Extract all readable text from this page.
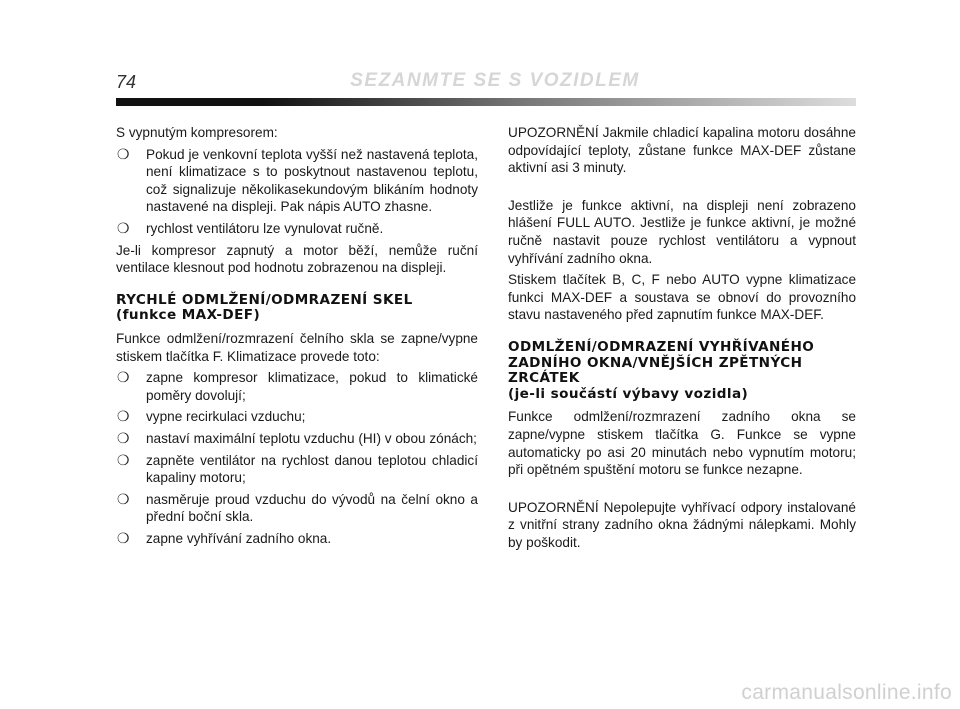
74	SEZANMTE SE S VOZIDLEM

S vypnutým kompresorem:

❍ Pokud je venkovní teplota vyšší než nastavená teplota, není klimatizace s to poskytnout nastavenou teplotu, což signalizuje několikasekundovým blikáním hodnoty nastavené na displeji. Pak nápis AUTO zhasne.
❍ rychlost ventilátoru lze vynulovat ručně.

Je-li kompresor zapnutý a motor běží, nemůže ruční ventilace klesnout pod hodnotu zobrazenou na displeji.

RYCHLÉ ODMLŽENÍ/ODMRAZENÍ SKEL
(funkce MAX-DEF)

Funkce odmlžení/rozmrazení čelního skla se zapne/vypne stiskem tlačítka F. Klimatizace provede toto:

❍ zapne kompresor klimatizace, pokud to klimatické poměry dovolují;
❍ vypne recirkulaci vzduchu;
❍ nastaví maximální teplotu vzduchu (HI) v obou zónách;
❍ zapněte ventilátor na rychlost danou teplotou chladicí kapaliny motoru;
❍ nasměruje proud vzduchu do vývodů na čelní okno a přední boční skla.
❍ zapne vyhřívání zadního okna.

UPOZORNĚNÍ Jakmile chladicí kapalina motoru dosáhne odpovídající teploty, zůstane funkce MAX-DEF zůstane aktivní asi 3 minuty.

Jestliže je funkce aktivní, na displeji není zobrazeno hlášení FULL AUTO. Jestliže je funkce aktivní, je možné ručně nastavit pouze rychlost ventilátoru a vypnout vyhřívání zadního okna.

Stiskem tlačítek B, C, F nebo AUTO vypne klimatizace funkci MAX-DEF a soustava se obnoví do provozního stavu nastaveného před zapnutím funkce MAX-DEF.

ODMLŽENÍ/ODMRAZENÍ VYHŘÍVANÉHO
ZADNÍHO OKNA/VNĚJŠÍCH ZPĚTNÝCH
ZRCÁTEK
(je-li součástí výbavy vozidla)

Funkce odmlžení/rozmrazení zadního okna se zapne/vypne stiskem tlačítka G. Funkce se vypne automaticky po asi 20 minutách nebo vypnutím motoru; při opětném spuštění motoru se funkce nezapne.

UPOZORNĚNÍ Nepolepujte vyhřívací odpory instalované z vnitřní strany zadního okna žádnými nálepkami. Mohly by poškodit.

carmanualsonline.info
